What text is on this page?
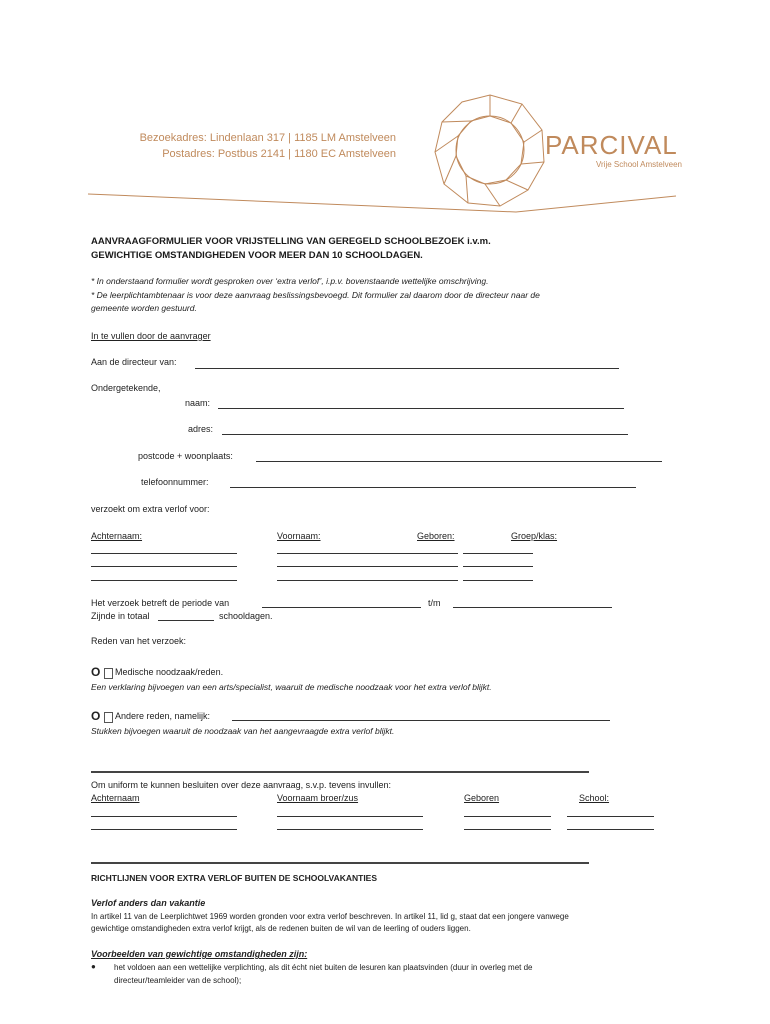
Bezoekadres: Lindenlaan 317 | 1185 LM Amstelveen
Postadres: Postbus 2141 | 1180 EC Amstelveen	PARCIVAL
Vrije School Amstelveen
AANVRAAGFORMULIER VOOR VRIJSTELLING VAN GEREGELD SCHOOLBEZOEK i.v.m.
GEWICHTIGE OMSTANDIGHEDEN VOOR MEER DAN 10 SCHOOLDAGEN.
* In onderstaand formulier wordt gesproken over ‘extra verlof’, i.p.v. bovenstaande wettelijke omschrijving.
* De leerplichtambtenaar is voor deze aanvraag beslissingsbevoegd. Dit formulier zal daarom door de directeur naar de
gemeente worden gestuurd.
In te vullen door de aanvrager
Aan de directeur van:
Ondergetekende,
naam:
adres:
postcode + woonplaats:
telefoonnummer:
verzoekt om extra verlof voor:
Achternaam:	Voornaam:	Geboren:	Groep/klas:
Het verzoek betreft de periode van	t/m
Zijnde in totaal	schooldagen.
Reden van het verzoek:
O Medische noodzaak/reden.
Een verklaring bijvoegen van een arts/specialist, waaruit de medische noodzaak voor het extra verlof blijkt.
O Andere reden, namelijk:
Stukken bijvoegen waaruit de noodzaak van het aangevraagde extra verlof blijkt.
Om uniform te kunnen besluiten over deze aanvraag, s.v.p. tevens invullen:
Achternaam	Voornaam broer/zus	Geboren	School:
RICHTLIJNEN VOOR EXTRA VERLOF BUITEN DE SCHOOLVAKANTIES
Verlof anders dan vakantie
In artikel 11 van de Leerplichtwet 1969 worden gronden voor extra verlof beschreven. In artikel 11, lid g, staat dat een jongere vanwege
gewichtige omstandigheden extra verlof krijgt, als de redenen buiten de wil van de leerling of ouders liggen.
Voorbeelden van gewichtige omstandigheden zijn:
● het voldoen aan een wettelijke verplichting, als dit écht niet buiten de lesuren kan plaatsvinden (duur in overleg met de
directeur/teamleider van de school);
